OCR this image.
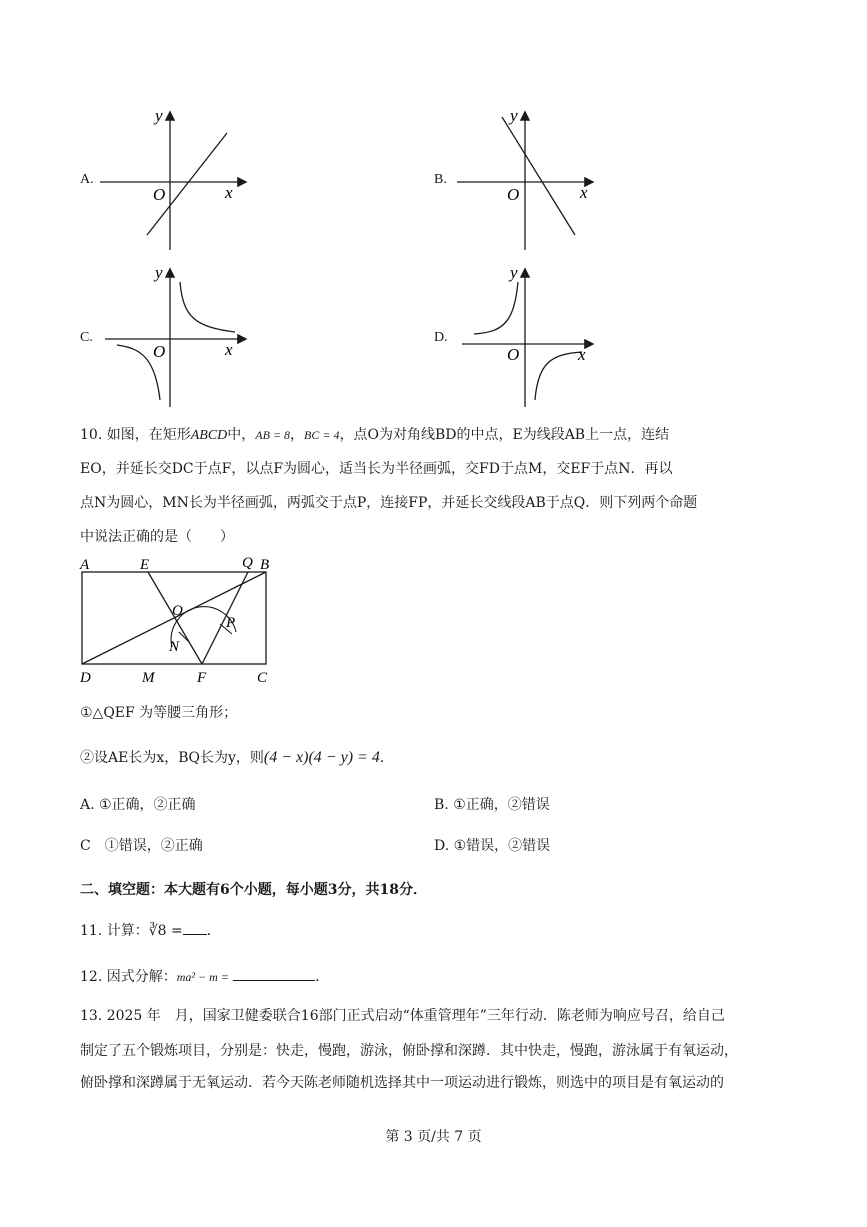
A.
y
x
O
B.
y
x
O
C.
y
x
O
D.
y
x
O
10. 如图，在矩形ABCD中，AB = 8，BC = 4，点O为对角线BD的中点，E为线段AB上一点，连结
EO，并延长交DC于点F，以点F为圆心，适当长为半径画弧，交FD于点M，交EF于点N．再以
点N为圆心，MN长为半径画弧，两弧交于点P，连接FP，并延长交线段AB于点Q．则下列两个命题
中说法正确的是（　　）
A	E	Q B
O
P
N
D	M	F	C
①△QEF 为等腰三角形；
②设AE长为x，BQ长为y，则(4 − x)(4 − y) = 4．
A. ①正确，②正确	B. ①正确，②错误
C　①错误，②正确	D. ①错误，②错误
二、填空题：本大题有6个小题，每小题3分，共18分．
11. 计算：∛8 = ．
12. 因式分解：ma² − m =	．
13. 2025 年　月，国家卫健委联合16部门正式启动“体重管理年”三年行动．陈老师为响应号召，给自己
制定了五个锻炼项目，分别是：快走，慢跑，游泳，俯卧撑和深蹲．其中快走，慢跑，游泳属于有氧运动，
俯卧撑和深蹲属于无氧运动．若今天陈老师随机选择其中一项运动进行锻炼，则选中的项目是有氧运动的
第 3 页/共 7 页
